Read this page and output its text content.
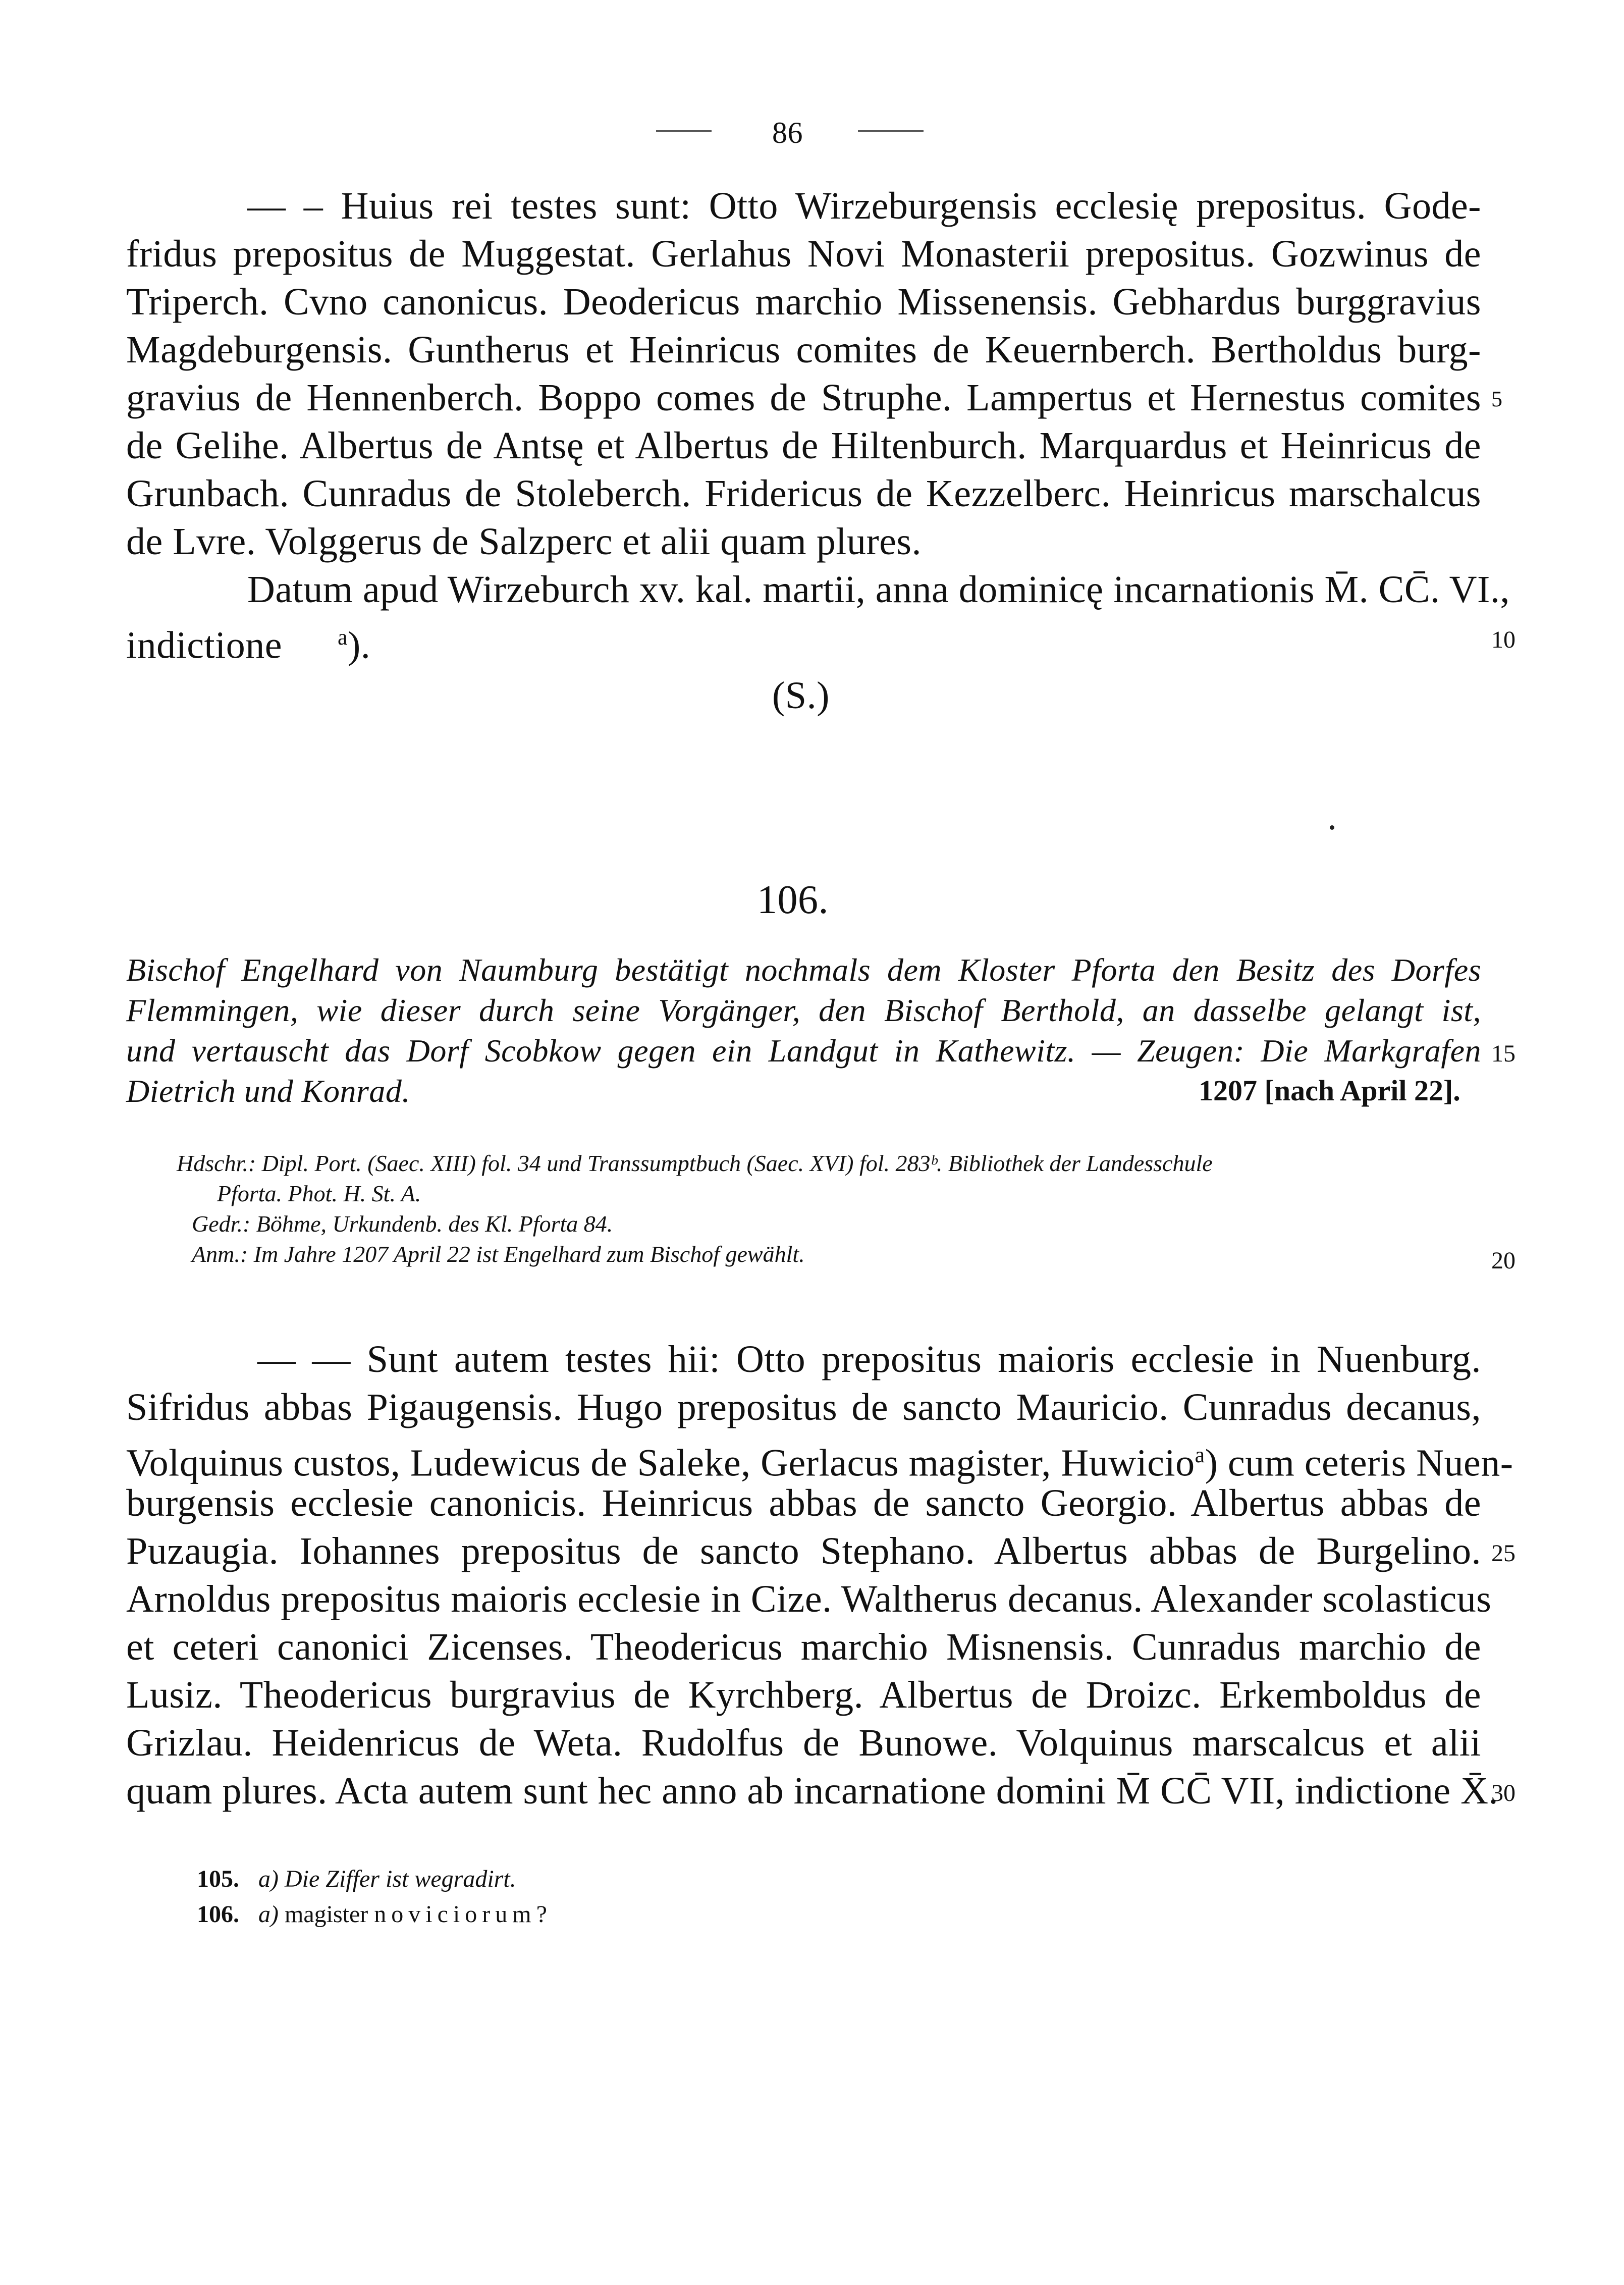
86
— – Huius rei testes sunt: Otto Wirzeburgensis ecclesię prepositus. Gode-
fridus prepositus de Muggestat. Gerlahus Novi Monasterii prepositus. Gozwinus de
Triperch. Cvno canonicus. Deodericus marchio Missenensis. Gebhardus burggravius
Magdeburgensis. Guntherus et Heinricus comites de Keuernberch. Bertholdus burg-
gravius de Hennenberch. Boppo comes de Struphe. Lampertus et Hernestus comites
de Gelihe. Albertus de Antsę et Albertus de Hiltenburch. Marquardus et Heinricus de
Grunbach. Cunradus de Stoleberch. Fridericus de Kezzelberc. Heinricus marschalcus
de Lvre. Volggerus de Salzperc et alii quam plures.
Datum apud Wirzeburch xv. kal. martii, anna dominicę incarnationis M̄. CC̄. VI.,
indictione	$^a$).
(S.)
106.
Bischof Engelhard von Naumburg bestätigt nochmals dem Kloster Pforta den Besitz des Dorfes
Flemmingen, wie dieser durch seine Vorgänger, den Bischof Berthold, an dasselbe gelangt ist,
und vertauscht das Dorf Scobkow gegen ein Landgut in Kathewitz. — Zeugen: Die Markgrafen
Dietrich und Konrad.	1207 [nach April 22].
Hdschr.: Dipl. Port. (Saec. XIII) fol. 34 und Transsumptbuch (Saec. XVI) fol. 283ᵇ. Bibliothek der Landesschule
Pforta. Phot. H. St. A.
Gedr.: Böhme, Urkundenb. des Kl. Pforta 84.
Anm.: Im Jahre 1207 April 22 ist Engelhard zum Bischof gewählt.
— — Sunt autem testes hii: Otto prepositus maioris ecclesie in Nuenburg.
Sifridus abbas Pigaugensis. Hugo prepositus de sancto Mauricio. Cunradus decanus,
Volquinus custos, Ludewicus de Saleke, Gerlacus magister, Huwicio$^a$) cum ceteris Nuen-
burgensis ecclesie canonicis. Heinricus abbas de sancto Georgio. Albertus abbas de
Puzaugia. Iohannes prepositus de sancto Stephano. Albertus abbas de Burgelino.
Arnoldus prepositus maioris ecclesie in Cize. Waltherus decanus. Alexander scolasticus
et ceteri canonici Zicenses. Theodericus marchio Misnensis. Cunradus marchio de
Lusiz. Theodericus burgravius de Kyrchberg. Albertus de Droizc. Erkemboldus de
Grizlau. Heidenricus de Weta. Rudolfus de Bunowe. Volquinus marscalcus et alii
quam plures. Acta autem sunt hec anno ab incarnatione domini M̄ CC̄ VII, indictione X̄.
5
10
15
20
25
30
105. a) Die Ziffer ist wegradirt.
106. a) magister noviciorum?
